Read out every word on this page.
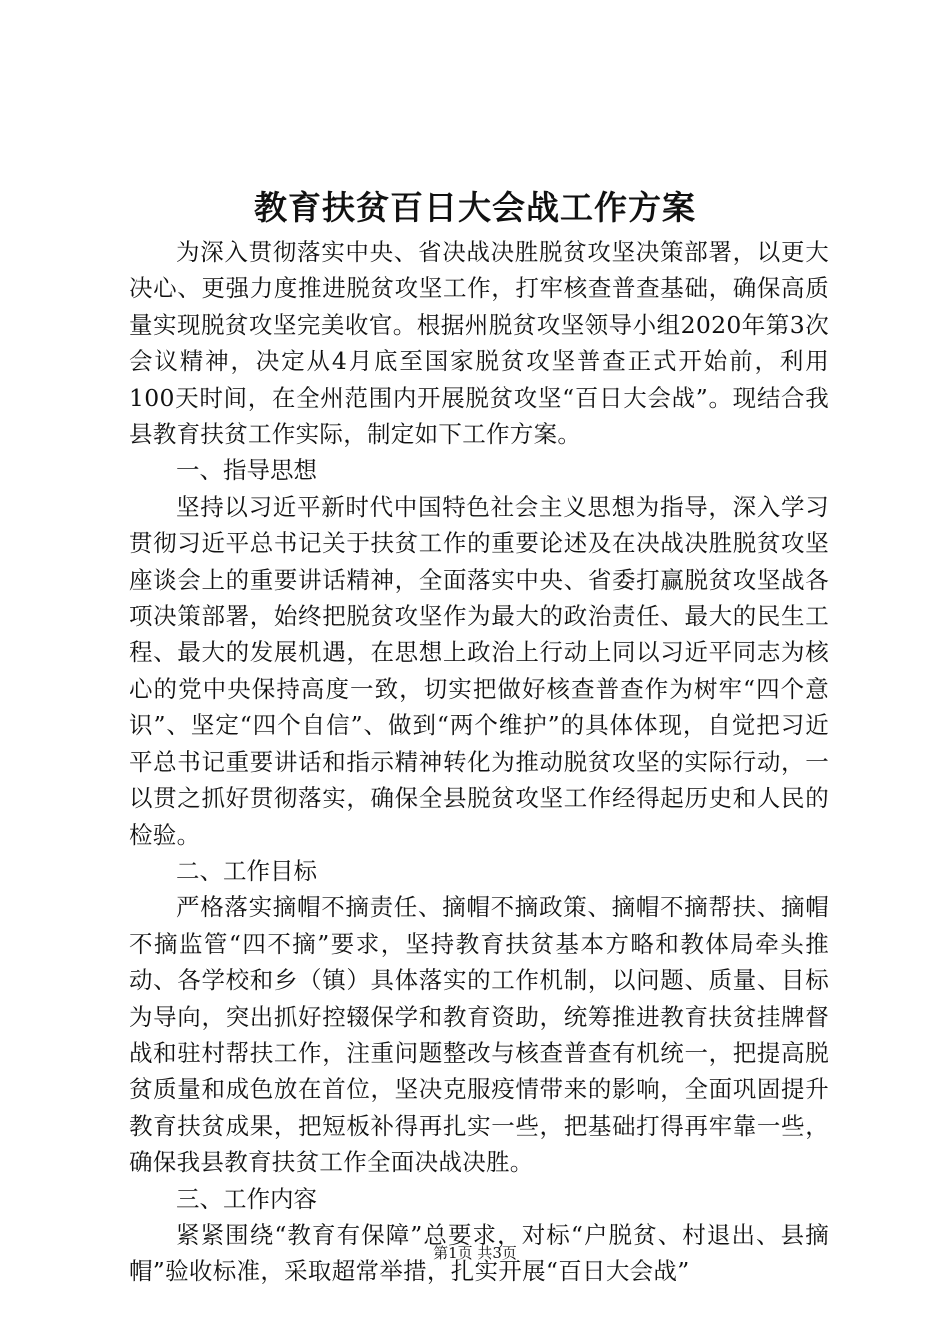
教育扶贫百日大会战工作方案

为深入贯彻落实中央、省决战决胜脱贫攻坚决策部署，以更大决心、更强力度推进脱贫攻坚工作，打牢核查普查基础，确保高质量实现脱贫攻坚完美收官。根据州脱贫攻坚领导小组2020年第3次会议精神，决定从4月底至国家脱贫攻坚普查正式开始前，利用100天时间，在全州范围内开展脱贫攻坚“百日大会战”。现结合我县教育扶贫工作实际，制定如下工作方案。

一、指导思想

坚持以习近平新时代中国特色社会主义思想为指导，深入学习贯彻习近平总书记关于扶贫工作的重要论述及在决战决胜脱贫攻坚座谈会上的重要讲话精神，全面落实中央、省委打赢脱贫攻坚战各项决策部署，始终把脱贫攻坚作为最大的政治责任、最大的民生工程、最大的发展机遇，在思想上政治上行动上同以习近平同志为核心的党中央保持高度一致，切实把做好核查普查作为树牢“四个意识”、坚定“四个自信”、做到“两个维护”的具体体现，自觉把习近平总书记重要讲话和指示精神转化为推动脱贫攻坚的实际行动，一以贯之抓好贯彻落实，确保全县脱贫攻坚工作经得起历史和人民的检验。

二、工作目标

严格落实摘帽不摘责任、摘帽不摘政策、摘帽不摘帮扶、摘帽不摘监管“四不摘”要求，坚持教育扶贫基本方略和教体局牵头推动、各学校和乡（镇）具体落实的工作机制，以问题、质量、目标为导向，突出抓好控辍保学和教育资助，统筹推进教育扶贫挂牌督战和驻村帮扶工作，注重问题整改与核查普查有机统一，把提高脱贫质量和成色放在首位，坚决克服疫情带来的影响，全面巩固提升教育扶贫成果，把短板补得再扎实一些，把基础打得再牢靠一些，确保我县教育扶贫工作全面决战决胜。

三、工作内容

紧紧围绕“教育有保障”总要求，对标“户脱贫、村退出、县摘帽”验收标准，采取超常举措，扎实开展“百日大会战”

第1页 共3页
